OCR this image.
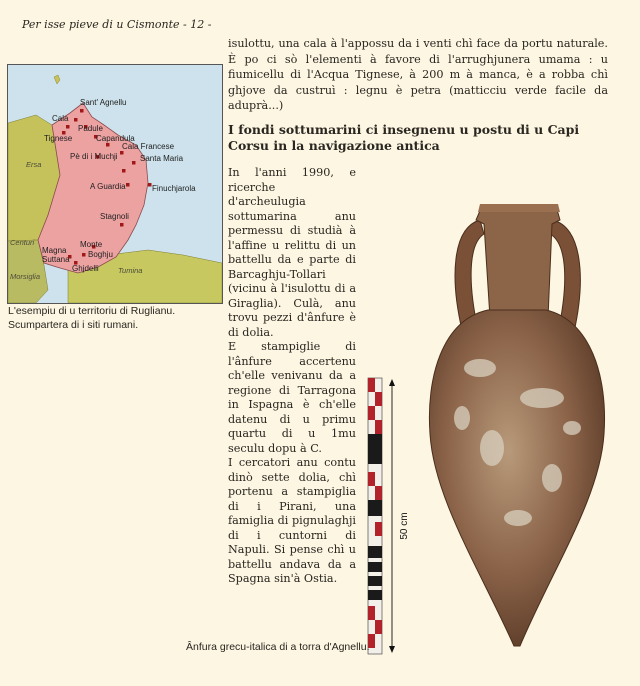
Per isse pieve di u Cismonte - 12 -
Sant' Agnellu
Cala
Tignese
Padule
Capandula
Cala Francese
Pè di i Muchji	Santa Maria
A Guardia	Finuchjarola
Stagnoli
Monte
Magna
Suttana
Boghju
Ghjdelli
Ersa
Centuri
Morsiglia
Tumina
L'esempiu di u territoriu di Ruglianu. Scumpartera di i siti rumani.
isulottu, una cala à l'appossu da i venti chì face da portu naturale. È po ci sò l'elementi à favore di l'arrughjunera umama : u fiumicellu di l'Acqua Tignese, à 200 m à manca, è a robba chì ghjove da custruì : legnu è petra (matticciu verde facile da aduprà...)
I fondi sottumarini ci insegnenu u postu di u Capi Corsu in la navigazione antica

In l'anni 1990, e ricerche d'archeulugia sottumarina anu permessu di studià à l'affine u relittu di un battellu da e parte di Barcaghju-Tollari (vicinu à l'isulottu di a Giraglia). Culà, anu trovu pezzi d'ânfure è di dolia.

E stampiglie di l'ânfure accertenu ch'elle venivanu da a regione di Tarragona in Ispagna è ch'elle datenu di u primu quartu di u 1mu seculu dopu à C.

I cercatori anu contu dinò sette dolia, chì portenu a stampiglia di i Pirani, una famiglia di pignulaghji di i cuntorni di Napuli. Si pense chì u battellu andava da a Spagna sin'à Ostia.

50 cm
Ânfura grecu-italica di a torra d'Agnellu.
